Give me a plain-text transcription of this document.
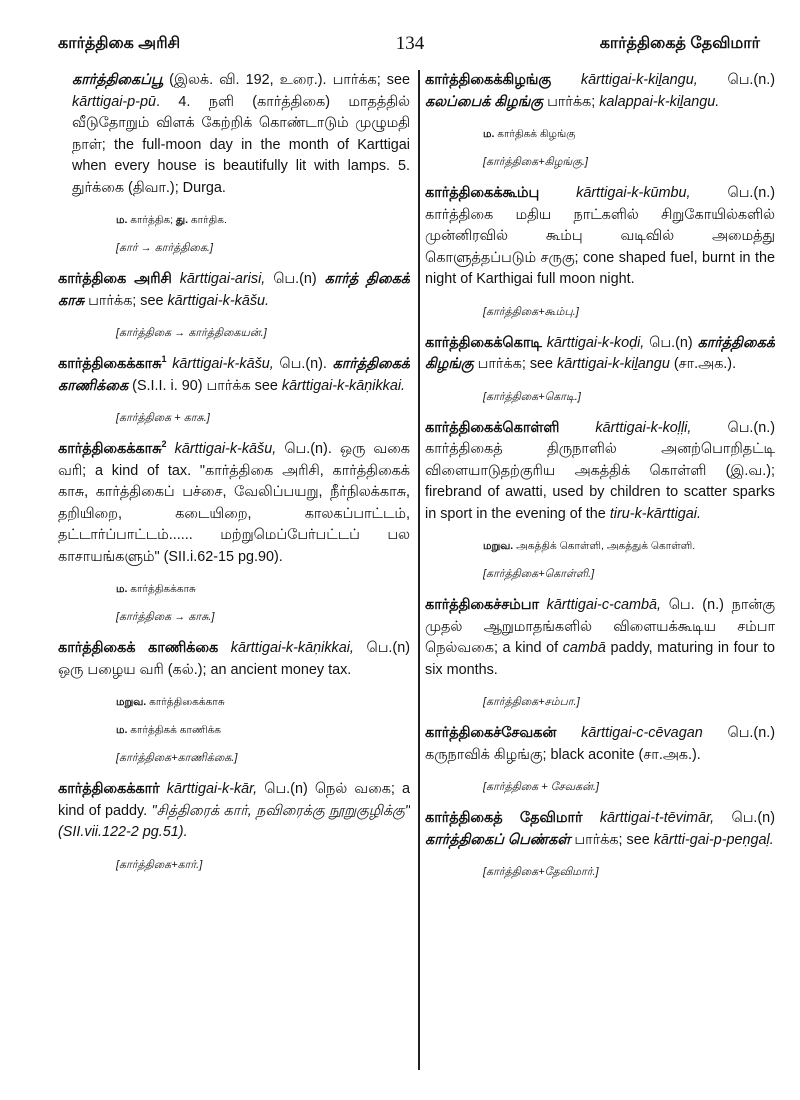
கார்த்திகை அரிசி	134	கார்த்திகைத் தேவிமார்

கார்த்திகைப்பூ (இலக். வி. 192, உரை.). பார்க்க; see kārttigai-p-pū. 4. நளி (கார்த்திகை) மாதத்தில் வீடுதோறும் விளக் கேற்றிக் கொண்டாடும் முழுமதி நாள்; the full-moon day in the month of Karttigai when every house is beautifully lit with lamps. 5. துர்க்கை (திவா.); Durga.

ம. கார்த்திக; து. கார்திக.
[கார் → கார்த்திகை.]

கார்த்திகை அரிசி kārttigai-arisi, பெ.(n) கார்த் திகைக் காசு பார்க்க; see kārttigai-k-kāšu.

[கார்த்திகை → கார்த்திகையன்.]

கார்த்திகைக்காசு$^1$ kārttigai-k-kāšu, பெ.(n). கார்த்திகைக் காணிக்கை (S.I.I. i. 90) பார்க்க see kārttigai-k-kāṇikkai.

[கார்த்திகை + காசு.]

கார்த்திகைக்காசு$^2$ kārttigai-k-kāšu, பெ.(n). ஒரு வகை வரி; a kind of tax. "கார்த்திகை அரிசி, கார்த்திகைக் காசு, கார்த்திகைப் பச்சை, வேலிப்பயறு, நீர்நிலக்காசு, தறியிறை, கடையிறை, காலகப்பாட்டம், தட்டார்ப்பாட்டம்...... மற்றுமெப்பேர்பட்டப் பல காசாயங்களும்" (SII.i.62-15 pg.90).

ம. கார்த்திகக்காசு
[கார்த்திகை → காசு.]

கார்த்திகைக் காணிக்கை kārttigai-k-kāṇikkai, பெ.(n) ஒரு பழைய வரி (கல்.); an ancient money tax.

மறுவ. கார்த்திகைக்காசு
ம. கார்த்திகக் காணிக்க
[கார்த்திகை+காணிக்கை.]

கார்த்திகைக்கார் kārttigai-k-kār, பெ.(n) நெல் வகை; a kind of paddy. "சித்திரைக் கார், நவிரைக்கு நூறுகுழிக்கு" (SII.vii.122-2 pg.51).

[கார்த்திகை+கார்.]

கார்த்திகைக்கிழங்கு kārttigai-k-kiḻangu, பெ.(n.) கலப்பைக் கிழங்கு பார்க்க; kalappai-k-kiḻangu.

ம. கார்திகக் கிழங்கு
[கார்த்திகை+கிழங்கு.]

கார்த்திகைக்கூம்பு kārttigai-k-kūmbu, பெ.(n.) கார்த்திகை மதிய நாட்களில் சிறுகோயில்களில் முன்னிரவில் கூம்பு வடிவில் அமைத்து கொளுத்தப்படும் சருகு; cone shaped fuel, burnt in the night of Karthigai full moon night.

[கார்த்திகை+கூம்பு.]

கார்த்திகைக்கொடி kārttigai-k-koḍi, பெ.(n) கார்த்திகைக் கிழங்கு பார்க்க; see kārttigai-k-kiḻangu (சா.அக.).

[கார்த்திகை+கொடி.]

கார்த்திகைக்கொள்ளி kārttigai-k-koḷḷi, பெ.(n.) கார்த்திகைத் திருநாளில் அனற்பொறிதட்டி விளையாடுதற்குரிய அகத்திக் கொள்ளி (இ.வ.); firebrand of awatti, used by children to scatter sparks in sport in the evening of the tiru-k-kārttigai.

மறுவ. அகத்திக் கொள்ளி, அகத்துக் கொள்ளி.
[கார்த்திகை+கொள்ளி.]

கார்த்திகைச்சம்பா kārttigai-c-cambā, பெ. (n.) நான்கு முதல் ஆறுமாதங்களில் விளையக்கூடிய சம்பா நெல்வகை; a kind of cambā paddy, maturing in four to six months.

[கார்த்திகை+சம்பா.]

கார்த்திகைச்சேவகன் kārttigai-c-cēvagan பெ.(n.) கருநாவிக் கிழங்கு; black aconite (சா.அக.).

[கார்த்திகை + சேவகன்.]

கார்த்திகைத் தேவிமார் kārttigai-t-tēvimār, பெ.(n) கார்த்திகைப் பெண்கள் பார்க்க; see kārtti-gai-p-peṇgaḷ.

[கார்த்திகை+தேவிமார்.]
